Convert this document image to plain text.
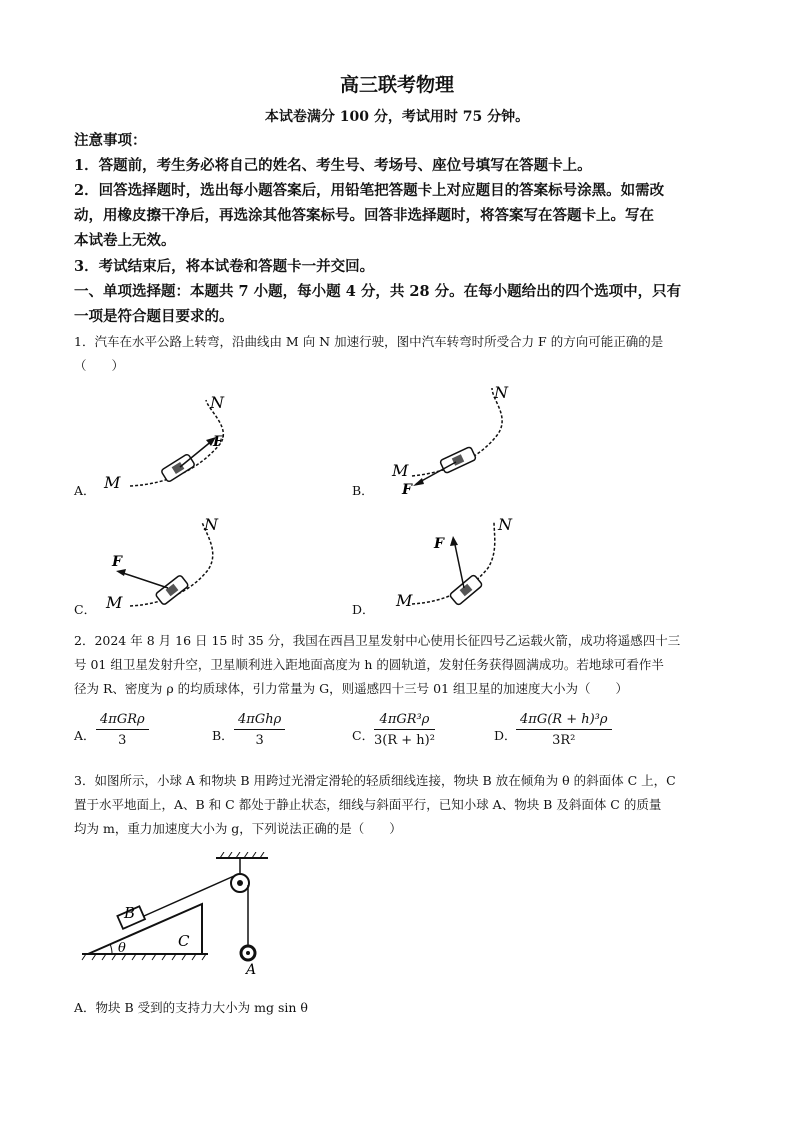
高三联考物理
本试卷满分 100 分，考试用时 75 分钟。
注意事项：
1．答题前，考生务必将自己的姓名、考生号、考场号、座位号填写在答题卡上。
2．回答选择题时，选出每小题答案后，用铅笔把答题卡上对应题目的答案标号涂黑。如需改
动，用橡皮擦干净后，再选涂其他答案标号。回答非选择题时，将答案写在答题卡上。写在
本试卷上无效。
3．考试结束后，将本试卷和答题卡一并交回。
一、单项选择题：本题共 7 小题，每小题 4 分，共 28 分。在每小题给出的四个选项中，只有
一项是符合题目要求的。
1．汽车在水平公路上转弯，沿曲线由 M 向 N 加速行驶，图中汽车转弯时所受合力 F 的方向可能正确的是
（　　）
A． M
N
F
B．
M
N
F
C． M
N
F
D． M
N
F
2．2024 年 8 月 16 日 15 时 35 分，我国在西昌卫星发射中心使用长征四号乙运载火箭，成功将遥感四十三
号 01 组卫星发射升空，卫星顺利进入距地面高度为 h 的圆轨道，发射任务获得圆满成功。若地球可看作半
径为 R、密度为 ρ 的均质球体，引力常量为 G，则遥感四十三号 01 组卫星的加速度大小为（　　）
A． $\frac{\text{4πGRρ}}{3}$	B． $\frac{\text{4πGhρ}}{3}$	C． $\frac{\text{4πGR³ρ}}{\text{3(R + h)²}}$	D． $\frac{\text{4πG(R + h)³ρ}}{\text{3R²}}$
3．如图所示，小球 A 和物块 B 用跨过光滑定滑轮的轻质细线连接，物块 B 放在倾角为 θ 的斜面体 C 上，C
置于水平地面上，A、B 和 C 都处于静止状态，细线与斜面平行，已知小球 A、物块 B 及斜面体 C 的质量
均为 m，重力加速度大小为 g，下列说法正确的是（　　）
B
C
θ
A
A．物块 B 受到的支持力大小为 mg sin θ
